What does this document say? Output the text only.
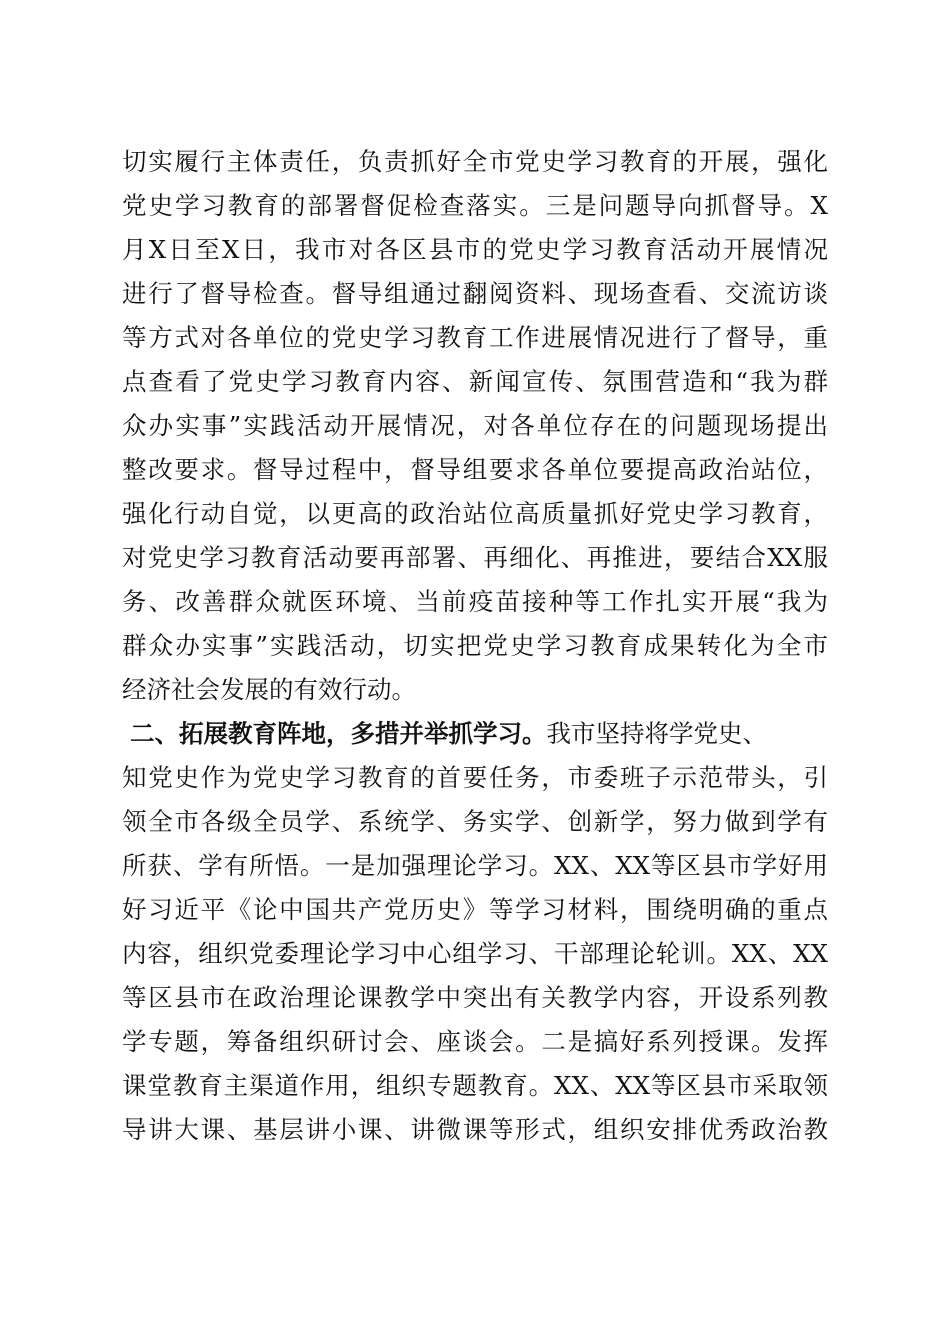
切实履行主体责任，负责抓好全市党史学习教育的开展，强化
党史学习教育的部署督促检查落实。三是问题导向抓督导。X
月X日至X日，我市对各区县市的党史学习教育活动开展情况
进行了督导检查。督导组通过翻阅资料、现场查看、交流访谈
等方式对各单位的党史学习教育工作进展情况进行了督导，重
点查看了党史学习教育内容、新闻宣传、氛围营造和“我为群
众办实事”实践活动开展情况，对各单位存在的问题现场提出
整改要求。督导过程中，督导组要求各单位要提高政治站位，
强化行动自觉，以更高的政治站位高质量抓好党史学习教育，
对党史学习教育活动要再部署、再细化、再推进，要结合XX服
务、改善群众就医环境、当前疫苗接种等工作扎实开展“我为
群众办实事”实践活动，切实把党史学习教育成果转化为全市
经济社会发展的有效行动。
二、拓展教育阵地，多措并举抓学习。我市坚持将学党史、
知党史作为党史学习教育的首要任务，市委班子示范带头，引
领全市各级全员学、系统学、务实学、创新学，努力做到学有
所获、学有所悟。一是加强理论学习。XX、XX等区县市学好用
好习近平《论中国共产党历史》等学习材料，围绕明确的重点
内容，组织党委理论学习中心组学习、干部理论轮训。XX、XX
等区县市在政治理论课教学中突出有关教学内容，开设系列教
学专题，筹备组织研讨会、座谈会。二是搞好系列授课。发挥
课堂教育主渠道作用，组织专题教育。XX、XX等区县市采取领
导讲大课、基层讲小课、讲微课等形式，组织安排优秀政治教
